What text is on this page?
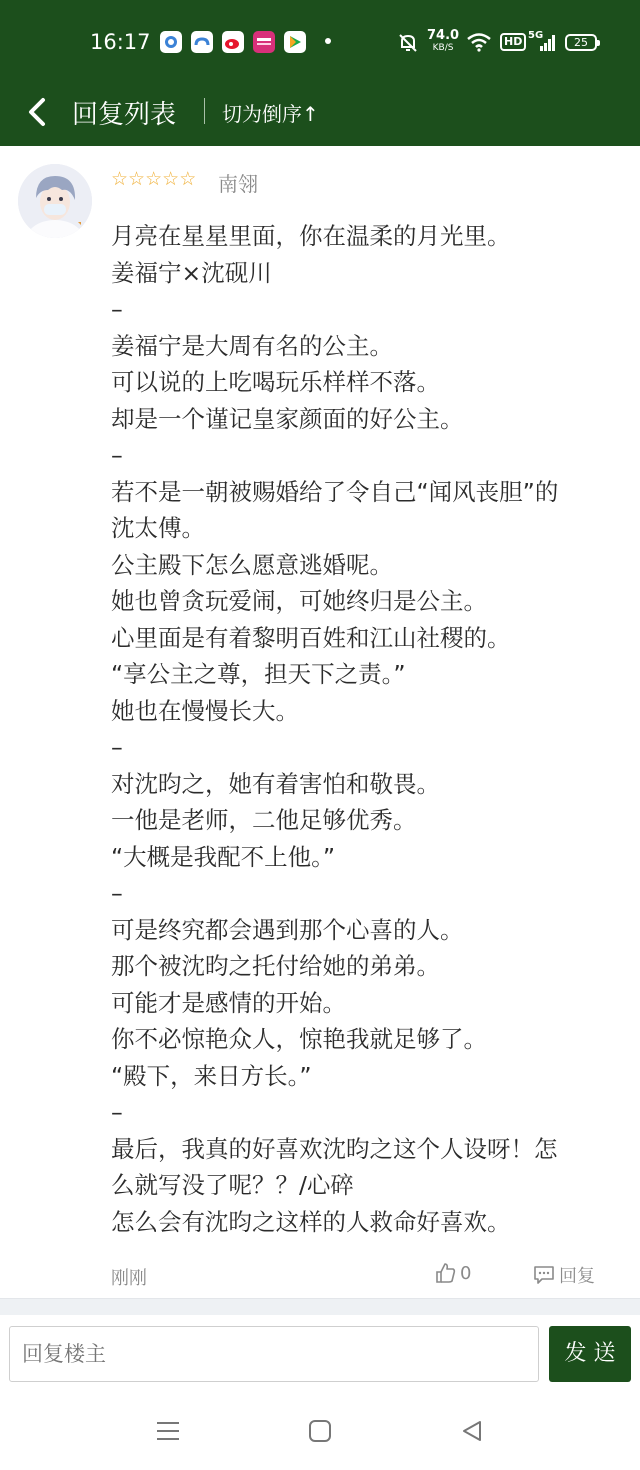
16:17	74.0
KB/S	HD 5G
25
回复列表 切为倒序↑
☆ ☆ ☆ ☆ ☆ 南翎
月亮在星星里面，你在温柔的月光里。
姜福宁×沈砚川
–
姜福宁是大周有名的公主。
可以说的上吃喝玩乐样样不落。
却是一个谨记皇家颜面的好公主。
–
若不是一朝被赐婚给了令自己“闻风丧胆”的
沈太傅。
公主殿下怎么愿意逃婚呢。
她也曾贪玩爱闹，可她终归是公主。
心里面是有着黎明百姓和江山社稷的。
“享公主之尊，担天下之责。”
她也在慢慢长大。
–
对沈昀之，她有着害怕和敬畏。
一他是老师，二他足够优秀。
“大概是我配不上他。”
–
可是终究都会遇到那个心喜的人。
那个被沈昀之托付给她的弟弟。
可能才是感情的开始。
你不必惊艳众人，惊艳我就足够了。
“殿下，来日方长。”
–
最后，我真的好喜欢沈昀之这个人设呀！怎
么就写没了呢？？/心碎
怎么会有沈昀之这样的人救命好喜欢。
刚刚	0	回复
回复楼主
发 送
